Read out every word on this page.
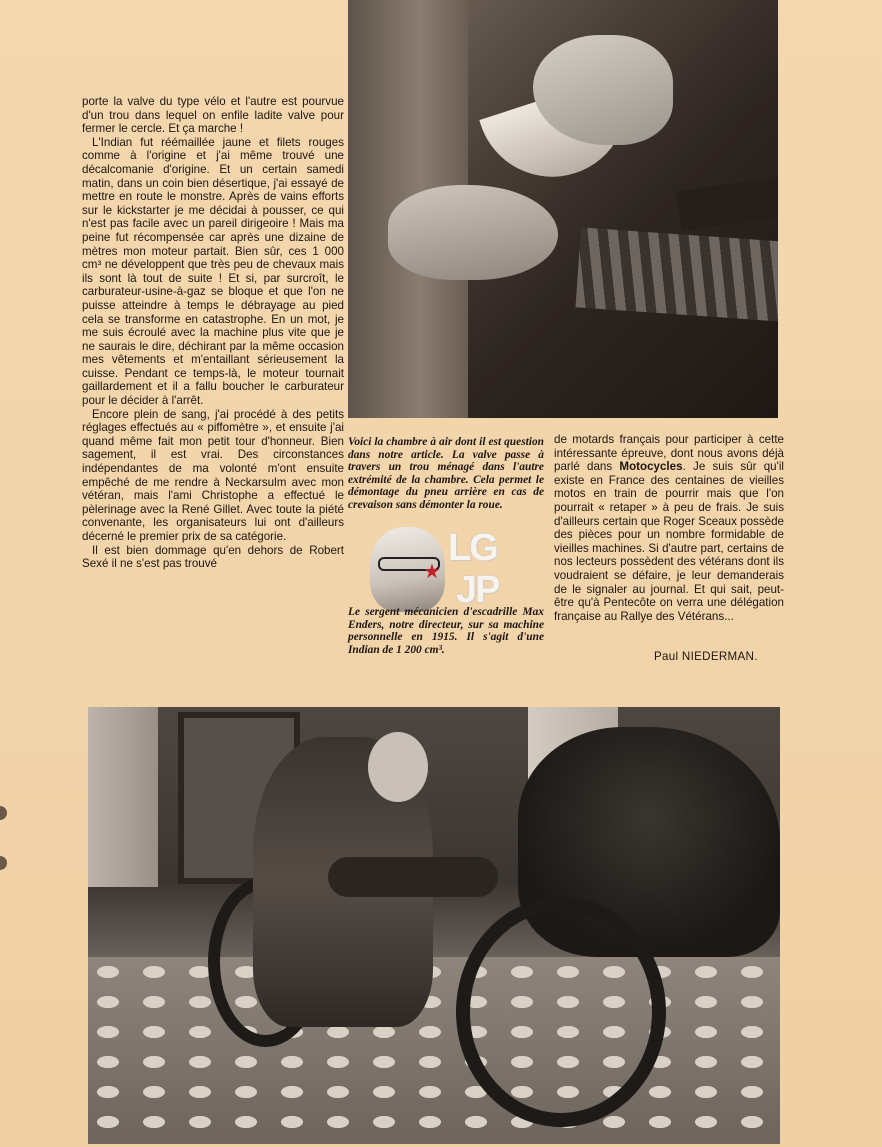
porte la valve du type vélo et l'autre est pourvue d'un trou dans lequel on enfile ladite valve pour fermer le cercle. Et ça marche !

L'Indian fut réémaillée jaune et filets rouges comme à l'origine et j'ai même trouvé une décalcomanie d'origine. Et un certain samedi matin, dans un coin bien désertique, j'ai essayé de mettre en route le monstre. Après de vains efforts sur le kickstarter je me décidai à pousser, ce qui n'est pas facile avec un pareil dirigeoire ! Mais ma peine fut récompensée car après une dizaine de mètres mon moteur partait. Bien sûr, ces 1 000 cm³ ne développent que très peu de chevaux mais ils sont là tout de suite ! Et si, par surcroît, le carburateur-usine-à-gaz se bloque et que l'on ne puisse atteindre à temps le débrayage au pied cela se transforme en catastrophe. En un mot, je me suis écroulé avec la machine plus vite que je ne saurais le dire, déchirant par la même occasion mes vêtements et m'entaillant sérieusement la cuisse. Pendant ce temps-là, le moteur tournait gaillardement et il a fallu boucher le carburateur pour le décider à l'arrêt.

Encore plein de sang, j'ai procédé à des petits réglages effectués au « piffomètre », et ensuite j'ai quand même fait mon petit tour d'honneur. Bien sagement, il est vrai. Des circonstances indépendantes de ma volonté m'ont ensuite empêché de me rendre à Neckarsulm avec mon vétéran, mais l'ami Christophe a effectué le pèlerinage avec la René Gillet. Avec toute la piété convenante, les organisateurs lui ont d'ailleurs décerné le premier prix de sa catégorie.

Il est bien dommage qu'en dehors de Robert Sexé il ne s'est pas trouvé

Voici la chambre à air dont il est question dans notre article. La valve passe à travers un trou ménagé dans l'autre extrémité de la chambre. Cela permet le démontage du pneu arrière en cas de crevaison sans démonter la roue.

★
LG
JP

Le sergent mécanicien d'escadrille Max Enders, notre directeur, sur sa machine personnelle en 1915. Il s'agit d'une Indian de 1 200 cm³.

de motards français pour participer à cette intéressante épreuve, dont nous avons déjà parlé dans Motocycles. Je suis sûr qu'il existe en France des centaines de vieilles motos en train de pourrir mais que l'on pourrait « retaper » à peu de frais. Je suis d'ailleurs certain que Roger Sceaux possède des pièces pour un nombre formidable de vieilles machines. Si d'autre part, certains de nos lecteurs possèdent des vétérans dont ils voudraient se défaire, je leur demanderais de le signaler au journal. Et qui sait, peut-être qu'à Pentecôte on verra une délégation française au Rallye des Vétérans...

Paul NIEDERMAN.
